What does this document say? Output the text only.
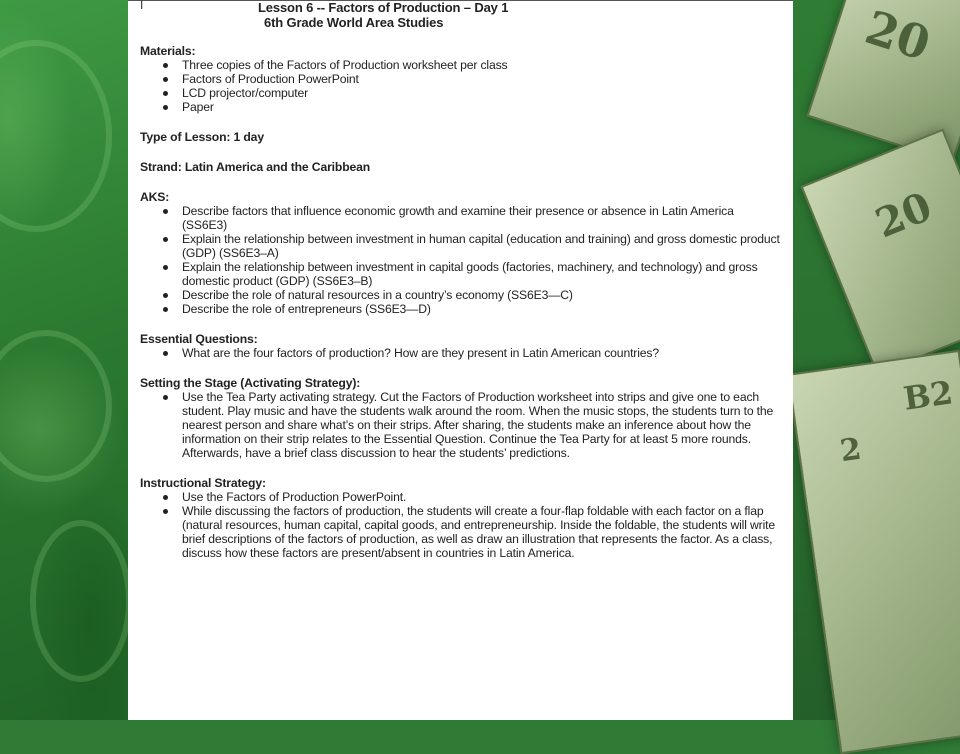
20
20
B2
2
I	Lesson 6 -- Factors of Production – Day 1
6th Grade World Area Studies

Materials:

Three copies of the Factors of Production worksheet per class
Factors of Production PowerPoint
LCD projector/computer
Paper

Type of Lesson: 1 day

Strand: Latin America and the Caribbean

AKS:

Describe factors that influence economic growth and examine their presence or absence in Latin America (SS6E3)
Explain the relationship between investment in human capital (education and training) and gross domestic product (GDP) (SS6E3–A)
Explain the relationship between investment in capital goods (factories, machinery, and technology) and gross domestic product (GDP) (SS6E3–B)
Describe the role of natural resources in a country’s economy (SS6E3—C)
Describe the role of entrepreneurs (SS6E3—D)

Essential Questions:

What are the four factors of production? How are they present in Latin American countries?

Setting the Stage (Activating Strategy):

Use the Tea Party activating strategy. Cut the Factors of Production worksheet into strips and give one to each student. Play music and have the students walk around the room. When the music stops, the students turn to the nearest person and share what’s on their strips. After sharing, the students make an inference about how the information on their strip relates to the Essential Question. Continue the Tea Party for at least 5 more rounds. Afterwards, have a brief class discussion to hear the students’ predictions.

Instructional Strategy:

Use the Factors of Production PowerPoint.
While discussing the factors of production, the students will create a four-flap foldable with each factor on a flap (natural resources, human capital, capital goods, and entrepreneurship. Inside the foldable, the students will write brief descriptions of the factors of production, as well as draw an illustration that represents the factor. As a class, discuss how these factors are present/absent in countries in Latin America.
